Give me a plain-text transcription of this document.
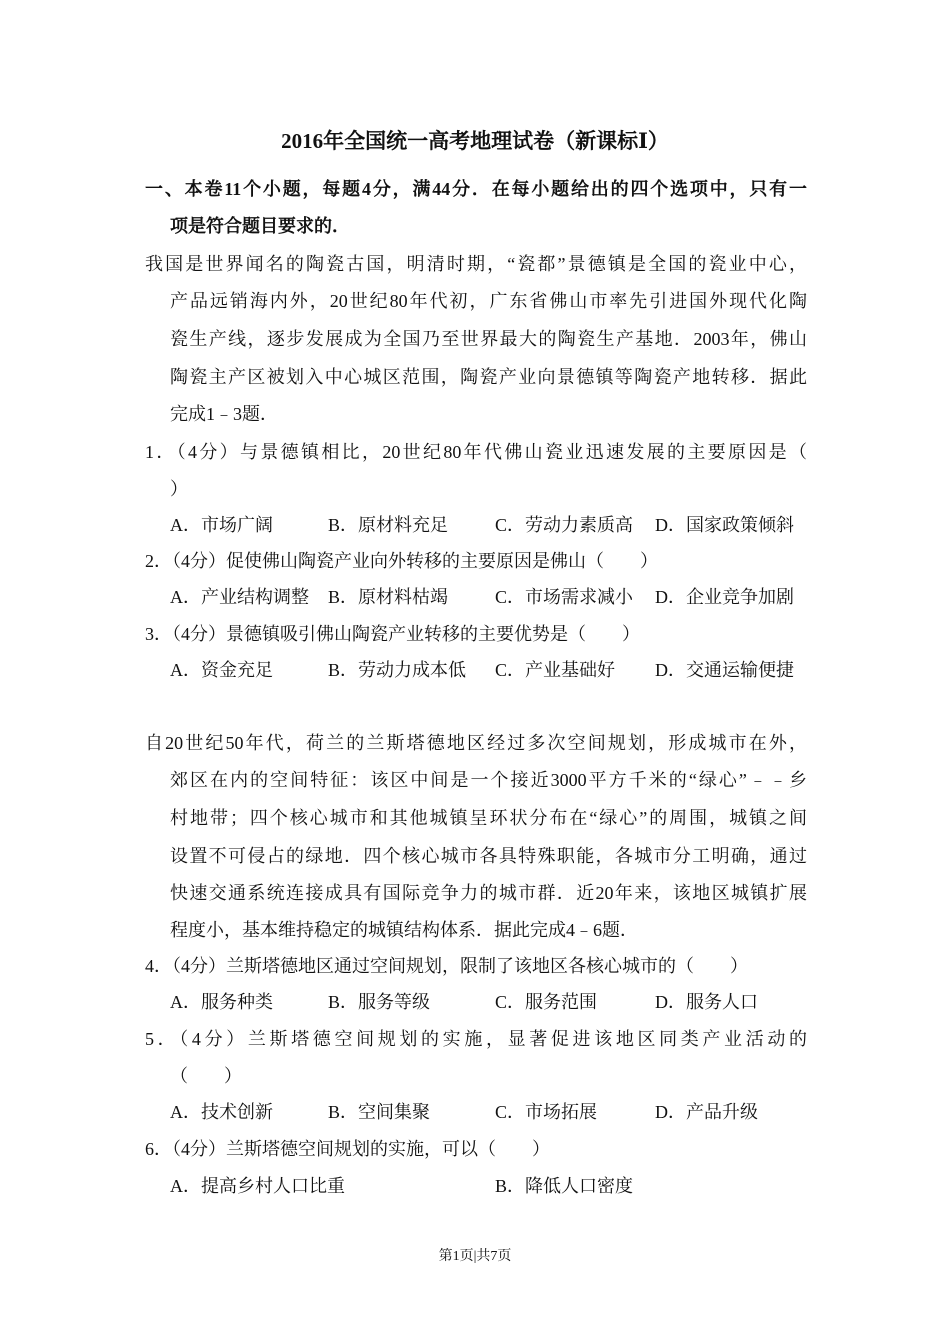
2016年全国统一高考地理试卷（新课标Ⅰ）
一、本卷11个小题，每题4分，满44分．在每小题给出的四个选项中，只有一
项是符合题目要求的．
我国是世界闻名的陶瓷古国，明清时期，“瓷都”景德镇是全国的瓷业中心，
产品远销海内外，20世纪80年代初，广东省佛山市率先引进国外现代化陶
瓷生产线，逐步发展成为全国乃至世界最大的陶瓷生产基地．2003年，佛山
陶瓷主产区被划入中心城区范围，陶瓷产业向景德镇等陶瓷产地转移．据此
完成1﹣3题．
1．（4分）与景德镇相比，20世纪80年代佛山瓷业迅速发展的主要原因是（
）
A．市场广阔	B．原材料充足	C．劳动力素质高 D．国家政策倾斜
2．（4分）促使佛山陶瓷产业向外转移的主要原因是佛山（　　）
A．产业结构调整 B．原材料枯竭	C．市场需求减小 D．企业竞争加剧
3．（4分）景德镇吸引佛山陶瓷产业转移的主要优势是（　　）
A．资金充足	B．劳动力成本低 C．产业基础好 D．交通运输便捷
自20世纪50年代，荷兰的兰斯塔德地区经过多次空间规划，形成城市在外，
郊区在内的空间特征：该区中间是一个接近3000平方千米的“绿心”﹣﹣乡
村地带；四个核心城市和其他城镇呈环状分布在“绿心”的周围，城镇之间
设置不可侵占的绿地．四个核心城市各具特殊职能，各城市分工明确，通过
快速交通系统连接成具有国际竞争力的城市群．近20年来，该地区城镇扩展
程度小，基本维持稳定的城镇结构体系．据此完成4﹣6题．
4．（4分）兰斯塔德地区通过空间规划，限制了该地区各核心城市的（　　）
A．服务种类	B．服务等级	C．服务范围	D．服务人口
5．（4分）兰斯塔德空间规划的实施，显著促进该地区同类产业活动的
（　　）
A．技术创新	B．空间集聚	C．市场拓展	D．产品升级
6．（4分）兰斯塔德空间规划的实施，可以（　　）
A．提高乡村人口比重	B．降低人口密度
第1页|共7页
